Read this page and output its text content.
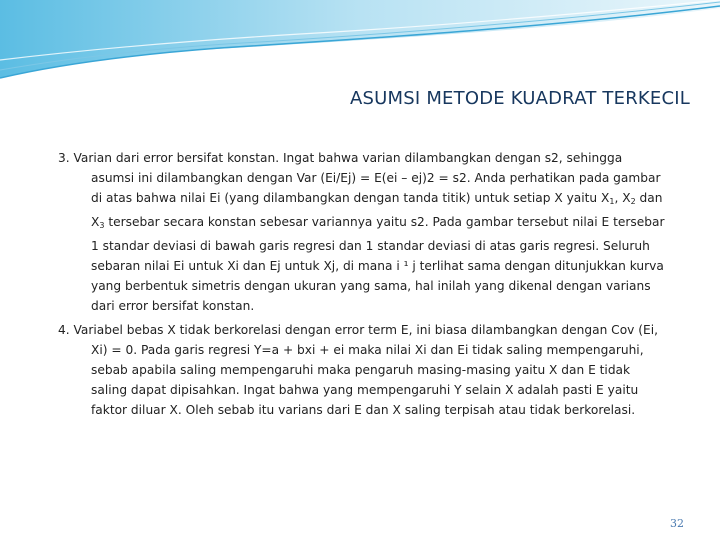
ASUMSI METODE KUADRAT TERKECIL
3. Varian dari error bersifat konstan. Ingat bahwa varian dilambangkan dengan s2, sehingga
asumsi ini dilambangkan dengan Var (Ei/Ej) = E(ei – ej)2 = s2. Anda perhatikan pada gambar
di atas bahwa nilai Ei (yang dilambangkan dengan tanda titik) untuk setiap X yaitu $X_1$, $X_2$ dan
$X_3$ tersebar secara konstan sebesar variannya yaitu s2. Pada gambar tersebut nilai E tersebar
1 standar deviasi di bawah garis regresi dan 1 standar deviasi di atas garis regresi. Seluruh
sebaran nilai Ei untuk Xi dan Ej untuk Xj, di mana i ¹ j terlihat sama dengan ditunjukkan kurva
yang berbentuk simetris dengan ukuran yang sama, hal inilah yang dikenal dengan varians
dari error bersifat konstan.
4. Variabel bebas X tidak berkorelasi dengan error term E, ini biasa dilambangkan dengan Cov (Ei,
Xi) = 0. Pada garis regresi Y=a + bxi + ei maka nilai Xi dan Ei tidak saling mempengaruhi,
sebab apabila saling mempengaruhi maka pengaruh masing-masing yaitu X dan E tidak
saling dapat dipisahkan. Ingat bahwa yang mempengaruhi Y selain X adalah pasti E yaitu
faktor diluar X. Oleh sebab itu varians dari E dan X saling terpisah atau tidak berkorelasi.
32
